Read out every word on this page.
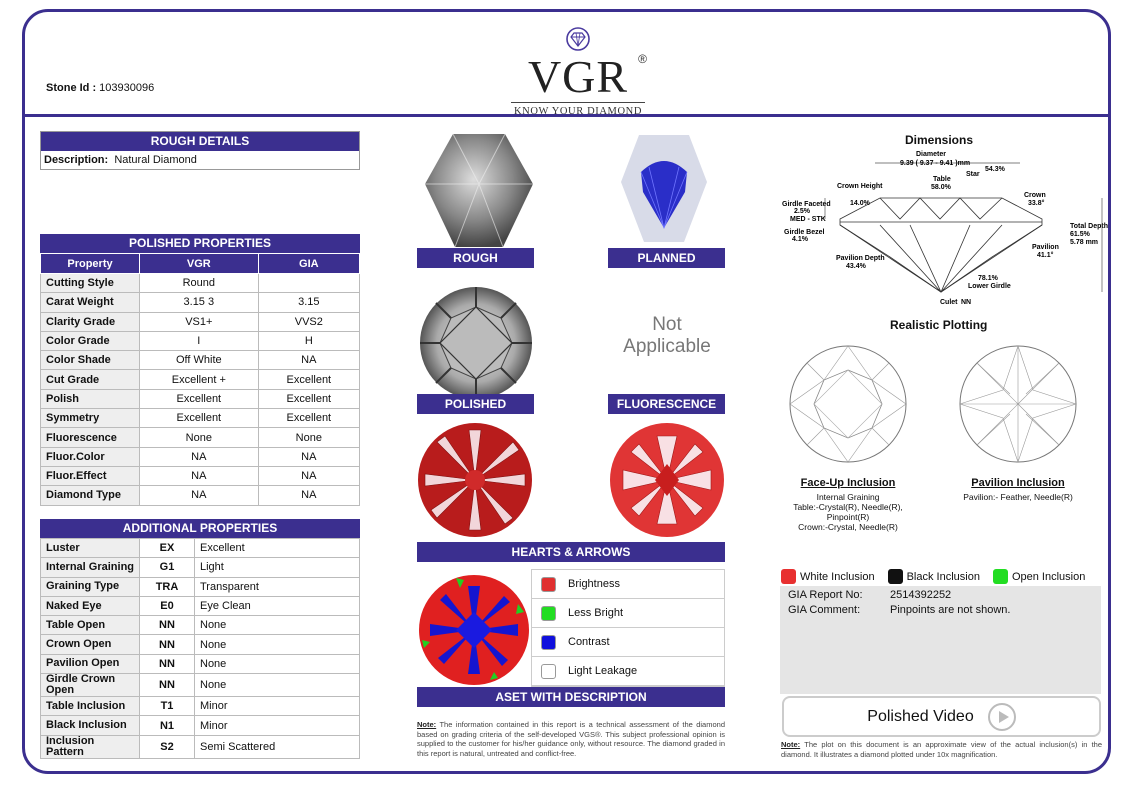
Stone Id : 103930096	VGR ®
KNOW YOUR DIAMOND
ROUGH DETAILS
Description: Natural Diamond
POLISHED PROPERTIES
Property	VGR	GIA
Cutting Style	Round	
Carat Weight	3.15 3	3.15
Clarity Grade	VS1+	VVS2
Color Grade	I	H
Color Shade	Off White	NA
Cut Grade	Excellent +	Excellent
Polish	Excellent	Excellent
Symmetry	Excellent	Excellent
Fluorescence	None	None
Fluor.Color	NA	NA
Fluor.Effect	NA	NA
Diamond Type	NA	NA
ADDITIONAL PROPERTIES
Luster	EX	Excellent
Internal Graining	G1	Light
Graining Type	TRA	Transparent
Naked Eye	E0	Eye Clean
Table Open	NN	None
Crown Open	NN	None
Pavilion Open	NN	None
Girdle Crown Open	NN	None
Table Inclusion	T1	Minor
Black Inclusion	N1	Minor
Inclusion Pattern	S2	Semi Scattered
ROUGH	PLANNED
POLISHED
Not Applicable
FLUORESCENCE
HEARTS & ARROWS
Brightness
Less Bright
Contrast
Light Leakage
ASET WITH DESCRIPTION
Note: The information contained in this report is a technical assessment of the diamond based on grading criteria of the self-developed VGS®. This subject professional opinion is supplied to the customer for his/her guidance only, without resource. The diamond graded in this report is natural, untreated and conflict-free.
Dimensions
Diameter
9.39 ( 9.37 - 9.41 )mm
Star
54.3%
Table
58.0%
Crown Height
14.0%
Crown
33.8°
Girdle Faceted
2.5%
MED - STK
Girdle Bezel
4.1%
Total Depth
61.5%
5.78 mm
Pavilion
41.1°
Pavilion Depth
43.4%
78.1%
Lower Girdle
Culet NN
Realistic Plotting
Face-Up Inclusion
Internal Graining
Table:-Crystal(R), Needle(R),
Pinpoint(R)
Crown:-Crystal, Needle(R)
Pavilion Inclusion
Pavilion:- Feather, Needle(R)
White Inclusion	Black Inclusion	Open Inclusion
GIA Report No:	2514392252
GIA Comment:	Pinpoints are not shown.
Polished Video
Note: The plot on this document is an approximate view of the actual inclusion(s) in the diamond. It illustrates a diamond plotted under 10x magnification.
